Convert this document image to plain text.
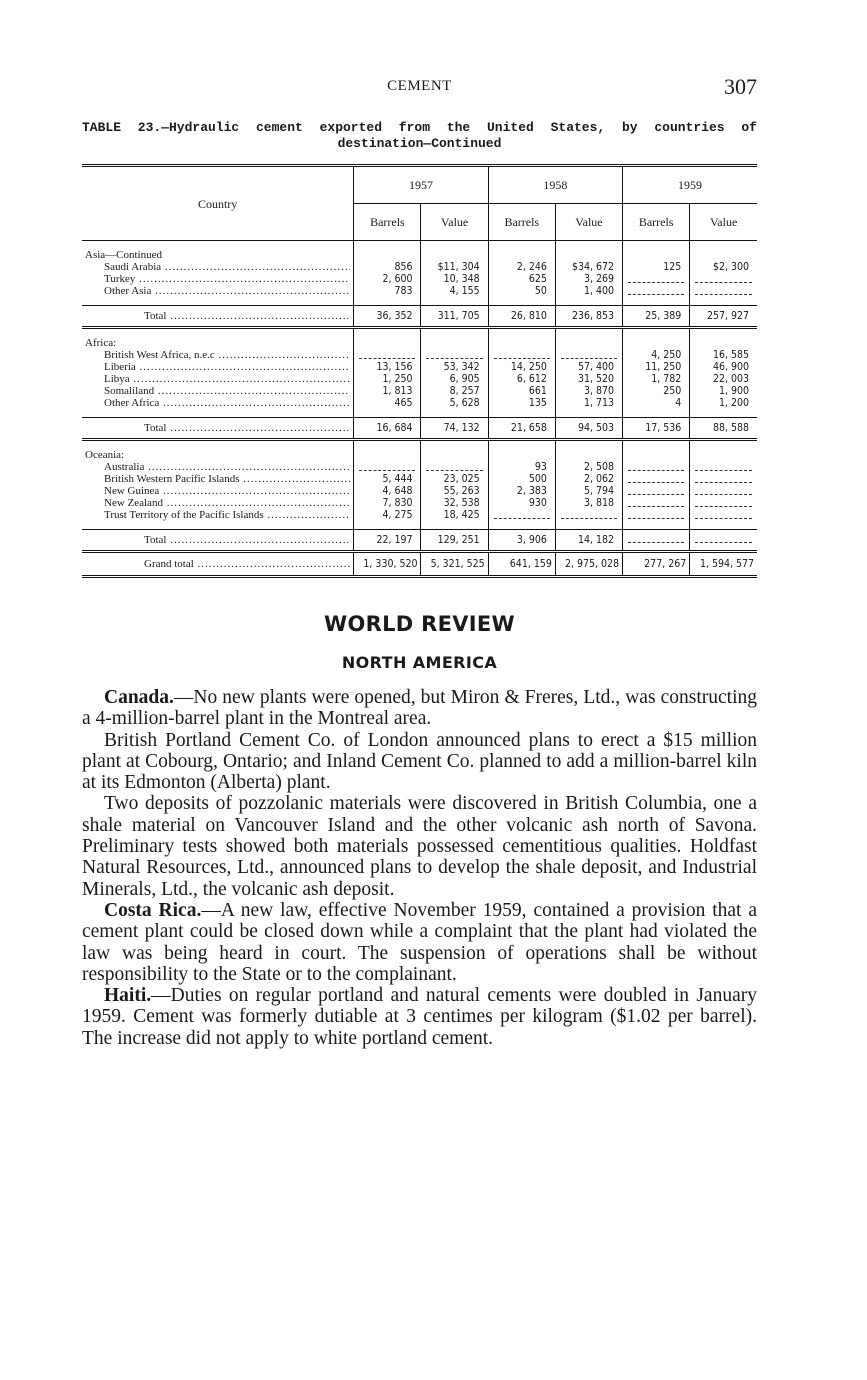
CEMENT	307
TABLE 23.—Hydraulic cement exported from the United States, by countries of
destination—Continued
Country	1957		1958		1959	
	Barrels	Value	Barrels	Value	Barrels	Value
Asia—Continued						

Saudi Arabia .....	856	$11, 304	2, 246	$34, 672	125	$2, 300

Turkey .....	2, 600	10, 348	625	3, 269	

Other Asia .....	783	4, 155	50	1, 400	

Total .....	36, 352	311, 705	26, 810	236, 853	25, 389	257, 927
Africa:						

British West Africa, n.e.c .....					4, 250	16, 585

Liberia .....	13, 156	53, 342	14, 250	57, 400	11, 250	46, 900

Libya .....	1, 250	6, 905	6, 612	31, 520	1, 782	22, 003

Somaliland .....	1, 813	8, 257	661	3, 870	250	1, 900

Other Africa .....	465	5, 628	135	1, 713	4	1, 200

Total .....	16, 684	74, 132	21, 658	94, 503	17, 536	88, 588
Oceania:						

Australia .....			93	2, 508	

British Western Pacific Islands .....	5, 444	23, 025	500	2, 062	

New Guinea .....	4, 648	55, 263	2, 383	5, 794	

New Zealand .....	7, 830	32, 538	930	3, 818	

Trust Territory of the Pacific Islands .....	4, 275	18, 425	

Total .....	22, 197	129, 251	3, 906	14, 182	

Grand total .....	1, 330, 520	5, 321, 525	641, 159	2, 975, 028	277, 267	1, 594, 577
WORLD REVIEW
NORTH AMERICA

Canada.—No new plants were opened, but Miron & Freres, Ltd., was constructing a 4-million-barrel plant in the Montreal area.

British Portland Cement Co. of London announced plans to erect a $15 million plant at Cobourg, Ontario; and Inland Cement Co. planned to add a million-barrel kiln at its Edmonton (Alberta) plant.

Two deposits of pozzolanic materials were discovered in British Columbia, one a shale material on Vancouver Island and the other volcanic ash north of Savona. Preliminary tests showed both materials possessed cementitious qualities. Holdfast Natural Resources, Ltd., announced plans to develop the shale deposit, and Industrial Minerals, Ltd., the volcanic ash deposit.

Costa Rica.—A new law, effective November 1959, contained a provision that a cement plant could be closed down while a complaint that the plant had violated the law was being heard in court. The suspension of operations shall be without responsibility to the State or to the complainant.

Haiti.—Duties on regular portland and natural cements were doubled in January 1959. Cement was formerly dutiable at 3 centimes per kilogram ($1.02 per barrel). The increase did not apply to white portland cement.
